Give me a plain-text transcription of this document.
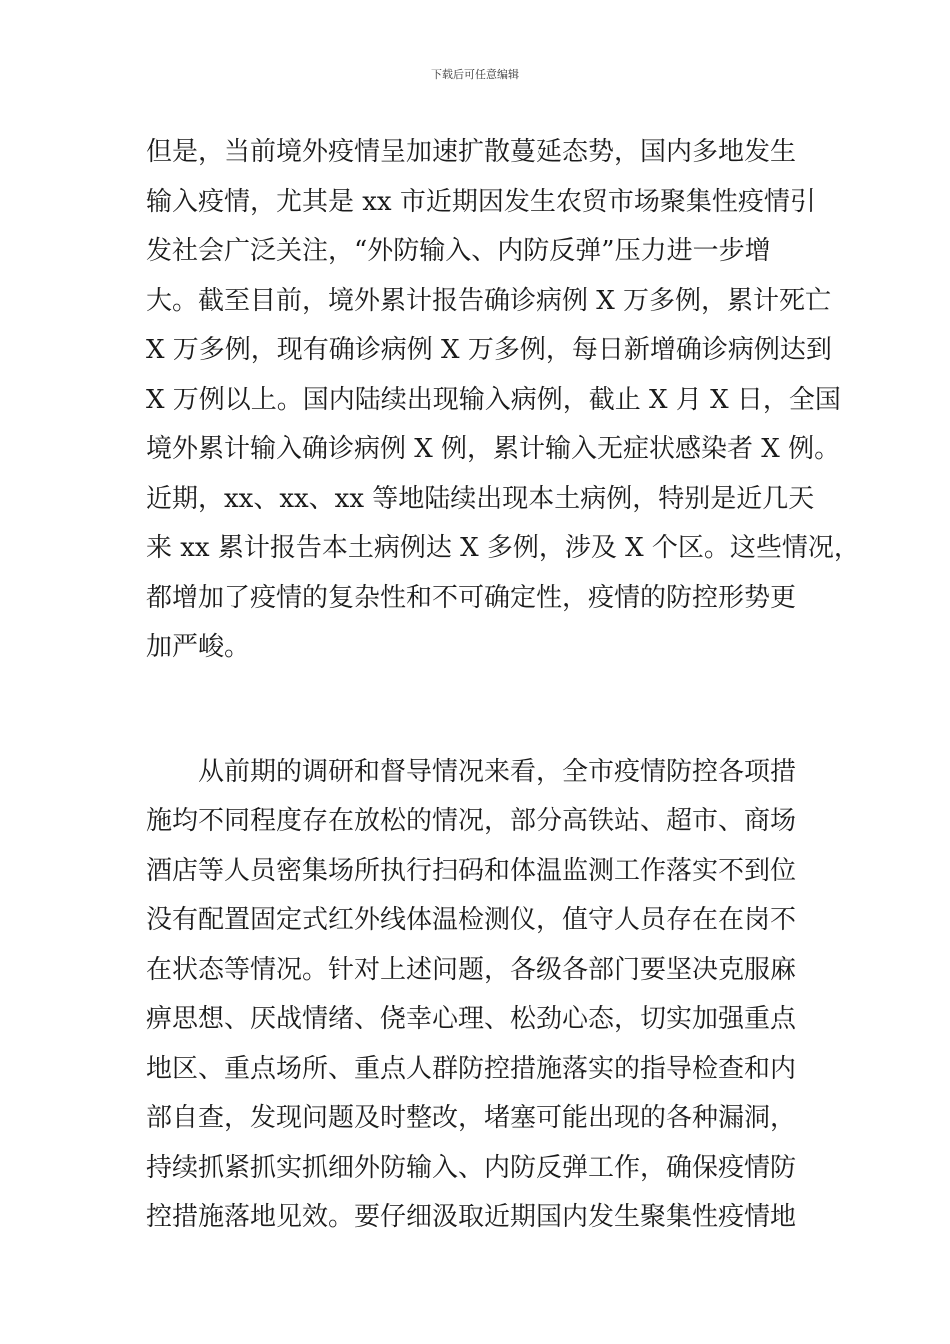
下载后可任意编辑
但是，当前境外疫情呈加速扩散蔓延态势，国内多地发生
输入疫情，尤其是 xx 市近期因发生农贸市场聚集性疫情引
发社会广泛关注，“外防输入、内防反弹”压力进一步增
大。截至目前，境外累计报告确诊病例 X 万多例，累计死亡
X 万多例，现有确诊病例 X 万多例，每日新增确诊病例达到
X 万例以上。国内陆续出现输入病例，截止 X 月 X 日，全国
境外累计输入确诊病例 X 例，累计输入无症状感染者 X 例。
近期，xx、xx、xx 等地陆续出现本土病例，特别是近几天
来 xx 累计报告本土病例达 X 多例，涉及 X 个区。这些情况，
都增加了疫情的复杂性和不可确定性，疫情的防控形势更
加严峻。
从前期的调研和督导情况来看，全市疫情防控各项措
施均不同程度存在放松的情况，部分高铁站、超市、商场
酒店等人员密集场所执行扫码和体温监测工作落实不到位
没有配置固定式红外线体温检测仪，值守人员存在在岗不
在状态等情况。针对上述问题，各级各部门要坚决克服麻
痹思想、厌战情绪、侥幸心理、松劲心态，切实加强重点
地区、重点场所、重点人群防控措施落实的指导检查和内
部自查，发现问题及时整改，堵塞可能出现的各种漏洞，
持续抓紧抓实抓细外防输入、内防反弹工作，确保疫情防
控措施落地见效。要仔细汲取近期国内发生聚集性疫情地
